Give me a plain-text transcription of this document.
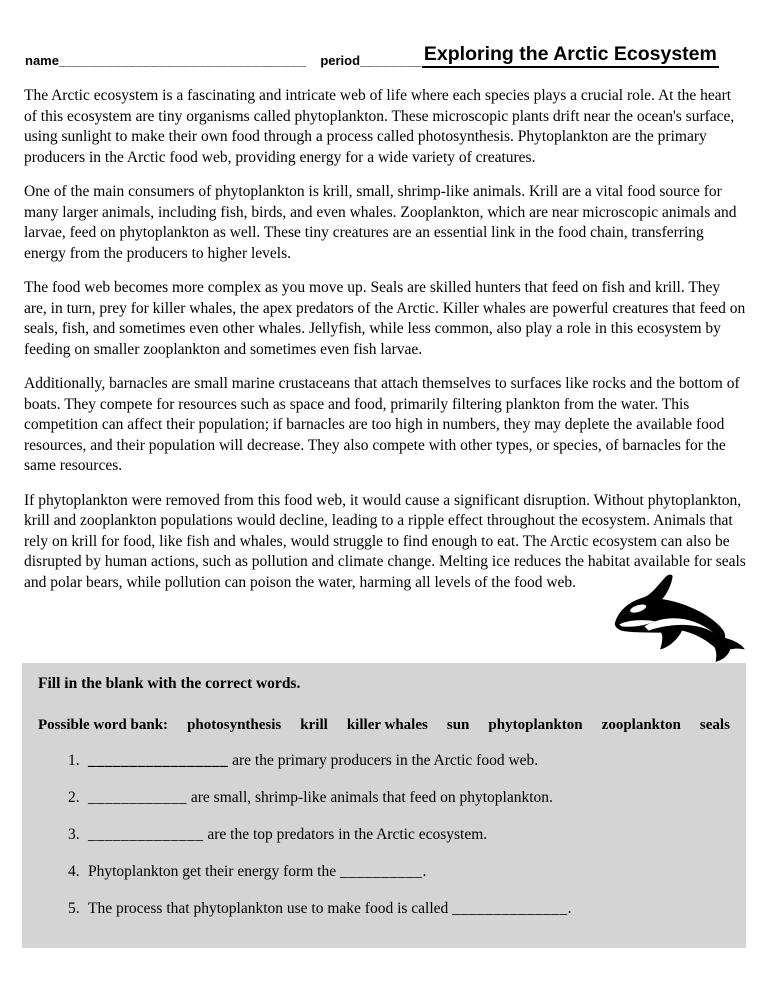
name ________________________________ period________ Exploring the Arctic Ecosystem

The Arctic ecosystem is a fascinating and intricate web of life where each species plays a crucial role. At the heart of this ecosystem are tiny organisms called phytoplankton. These microscopic plants drift near the ocean's surface, using sunlight to make their own food through a process called photosynthesis. Phytoplankton are the primary producers in the Arctic food web, providing energy for a wide variety of creatures.

One of the main consumers of phytoplankton is krill, small, shrimp-like animals. Krill are a vital food source for many larger animals, including fish, birds, and even whales. Zooplankton, which are near microscopic animals and larvae, feed on phytoplankton as well. These tiny creatures are an essential link in the food chain, transferring energy from the producers to higher levels.

The food web becomes more complex as you move up. Seals are skilled hunters that feed on fish and krill. They are, in turn, prey for killer whales, the apex predators of the Arctic. Killer whales are powerful creatures that feed on seals, fish, and sometimes even other whales. Jellyfish, while less common, also play a role in this ecosystem by feeding on smaller zooplankton and sometimes even fish larvae.

Additionally, barnacles are small marine crustaceans that attach themselves to surfaces like rocks and the bottom of boats. They compete for resources such as space and food, primarily filtering plankton from the water. This competition can affect their population; if barnacles are too high in numbers, they may deplete the available food resources, and their population will decrease. They also compete with other types, or species, of barnacles for the same resources.

If phytoplankton were removed from this food web, it would cause a significant disruption. Without phytoplankton, krill and zooplankton populations would decline, leading to a ripple effect throughout the ecosystem. Animals that rely on krill for food, like fish and whales, would struggle to find enough to eat. The Arctic ecosystem can also be disrupted by human actions, such as pollution and climate change. Melting ice reduces the habitat available for seals and polar bears, while pollution can poison the water, harming all levels of the food web.

Fill in the blank with the correct words.
Possible word bank: photosynthesis krill killer whales sun phytoplankton zooplankton seals
1. _________________ are the primary producers in the Arctic food web.
2. ____________ are small, shrimp-like animals that feed on phytoplankton.
3. ______________ are the top predators in the Arctic ecosystem.
4. Phytoplankton get their energy form the __________.
5. The process that phytoplankton use to make food is called ______________.
